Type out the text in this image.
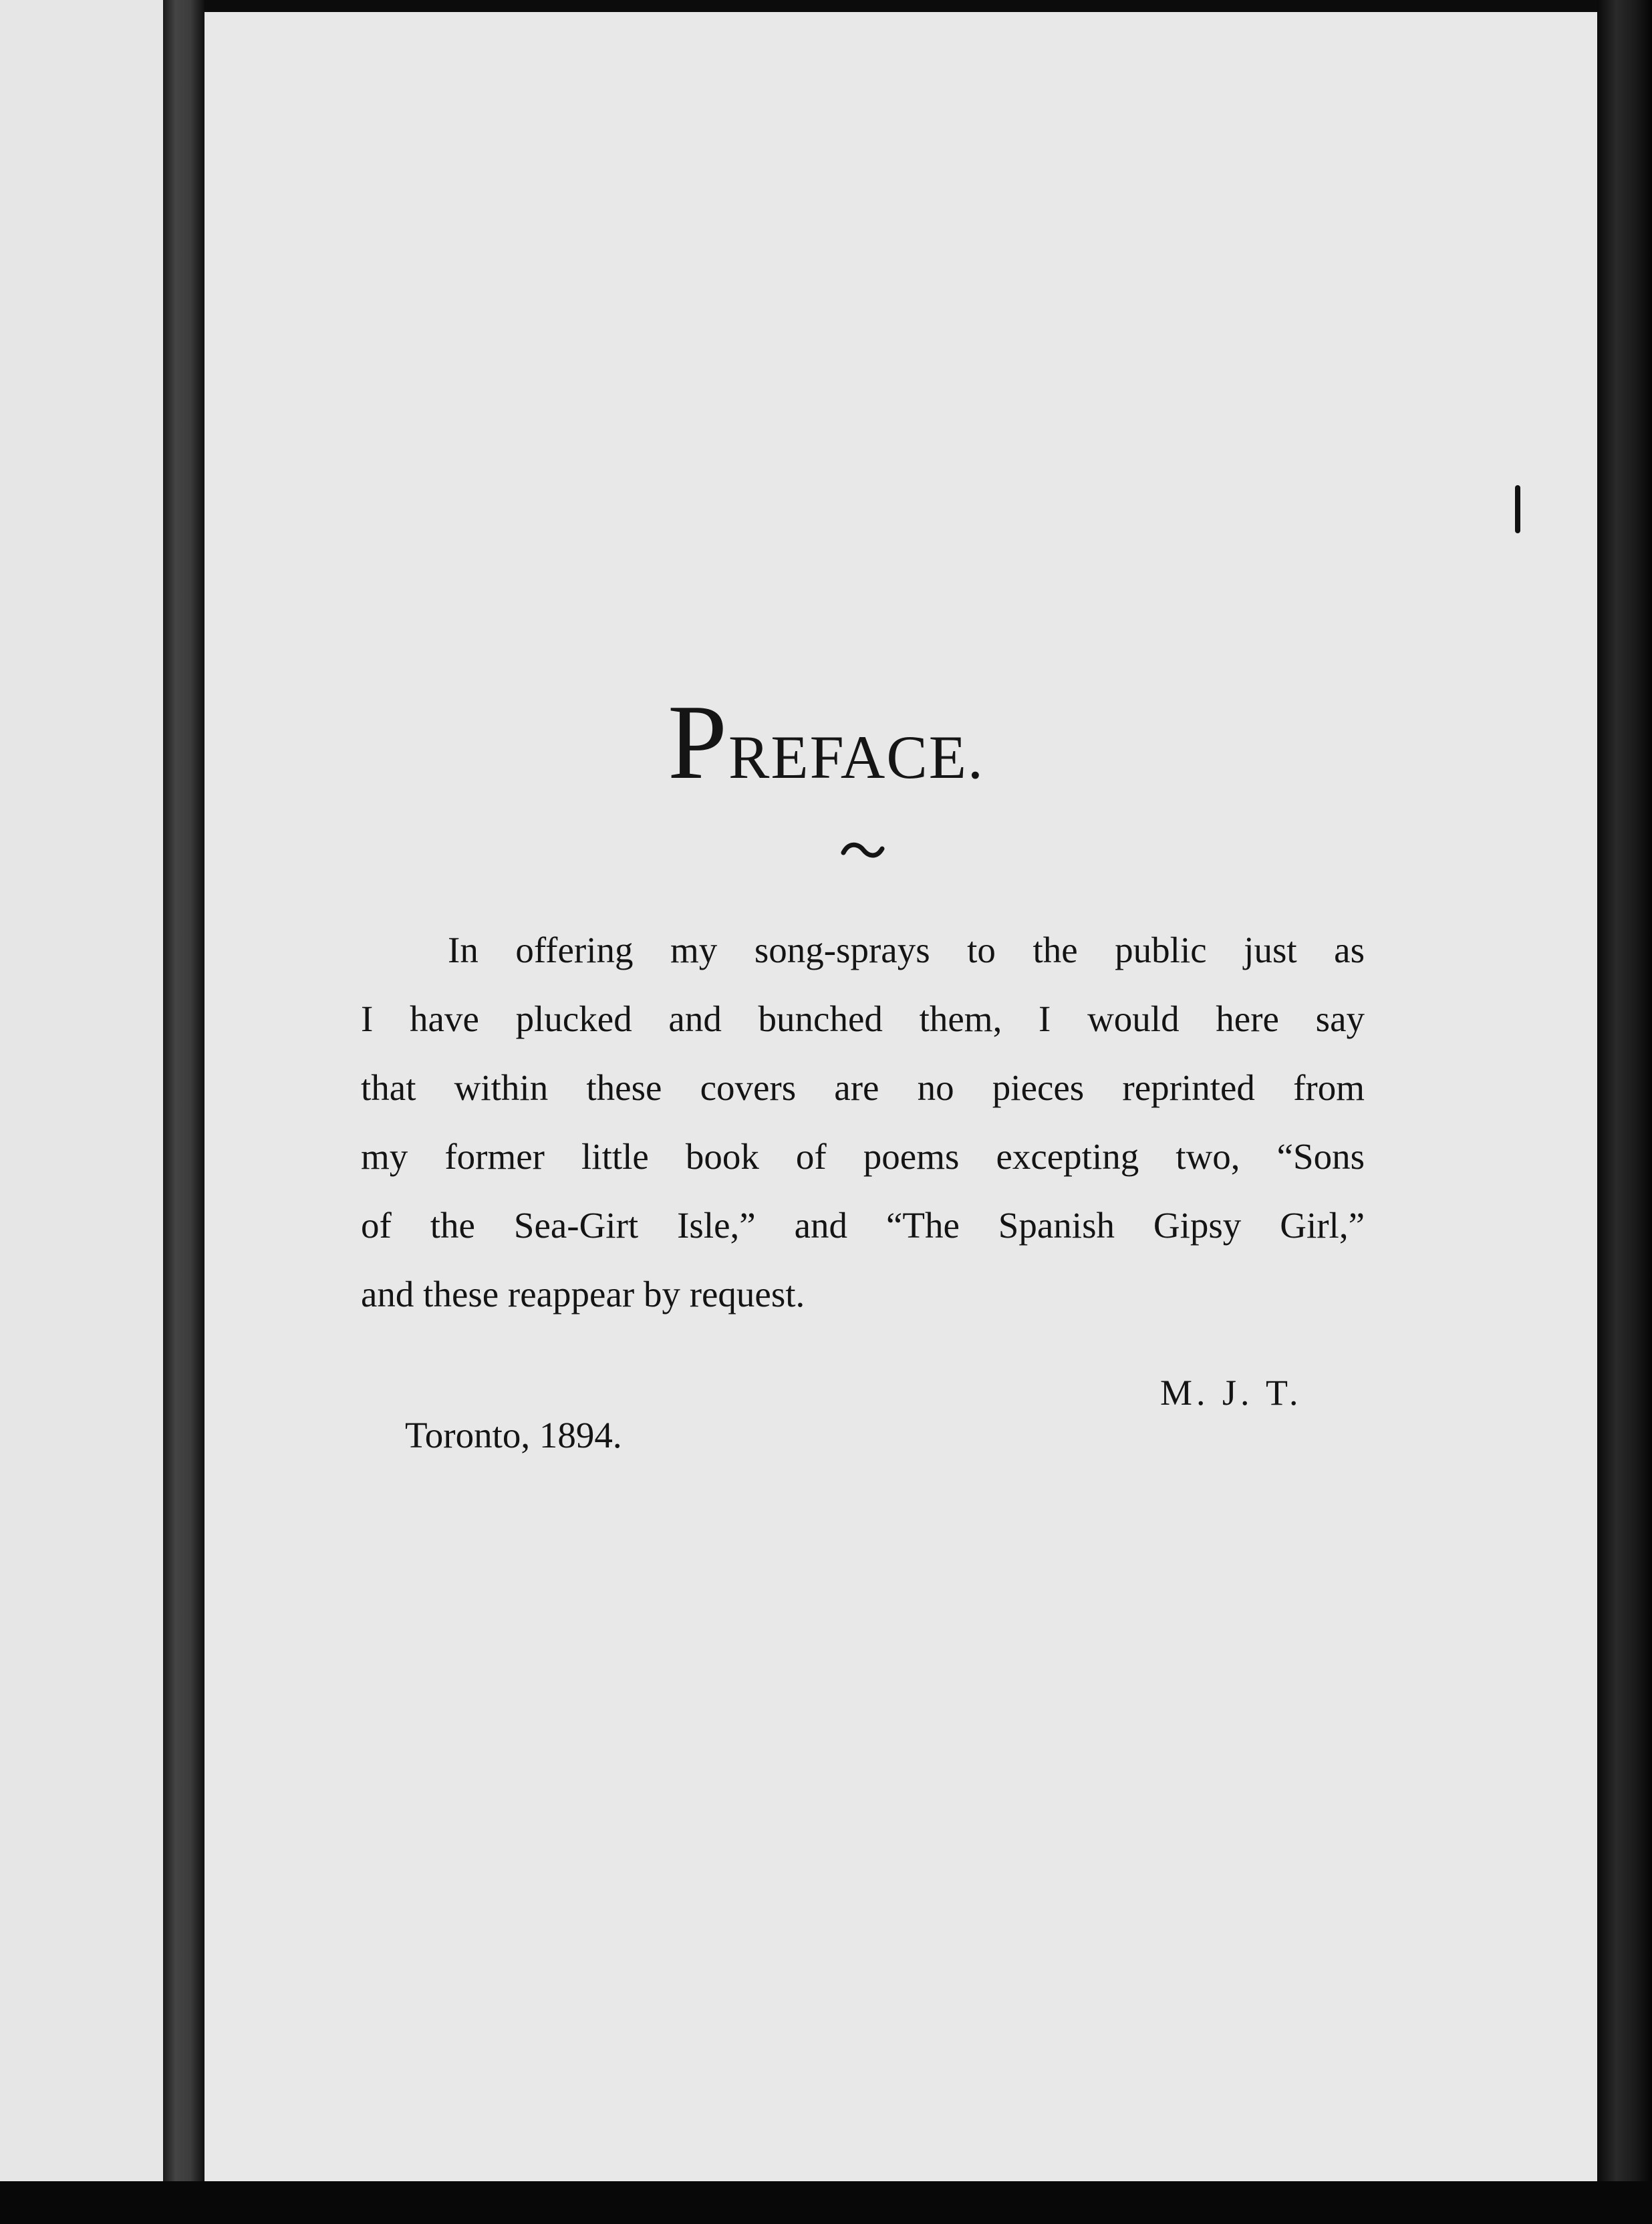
PREFACE.
In offering my song-sprays to the public just as
I have plucked and bunched them, I would here say
that within these covers are no pieces reprinted from
my former little book of poems excepting two, “Sons
of the Sea-Girt Isle,” and “The Spanish Gipsy Girl,”
and these reappear by request.
M. J. T.
Toronto, 1894.
